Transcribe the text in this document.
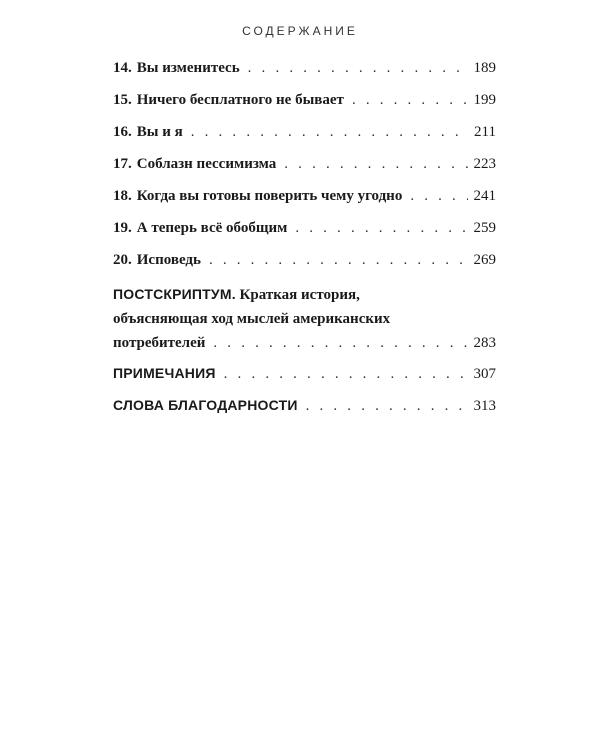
СОДЕРЖАНИЕ
14. Вы изменитесь . . .	189
15. Ничего бесплатного не бывает . . .	199
16. Вы и я . . .	211
17. Соблазн пессимизма . . .	223
18. Когда вы готовы поверить чему угодно . . .	241
19. А теперь всё обобщим . . .	259
20. Исповедь . . .	269
ПОСТСКРИПТУМ. Краткая история,
объясняющая ход мыслей американских
потребителей . . .	283
ПРИМЕЧАНИЯ . . .	307
СЛОВА БЛАГОДАРНОСТИ . . .	313
